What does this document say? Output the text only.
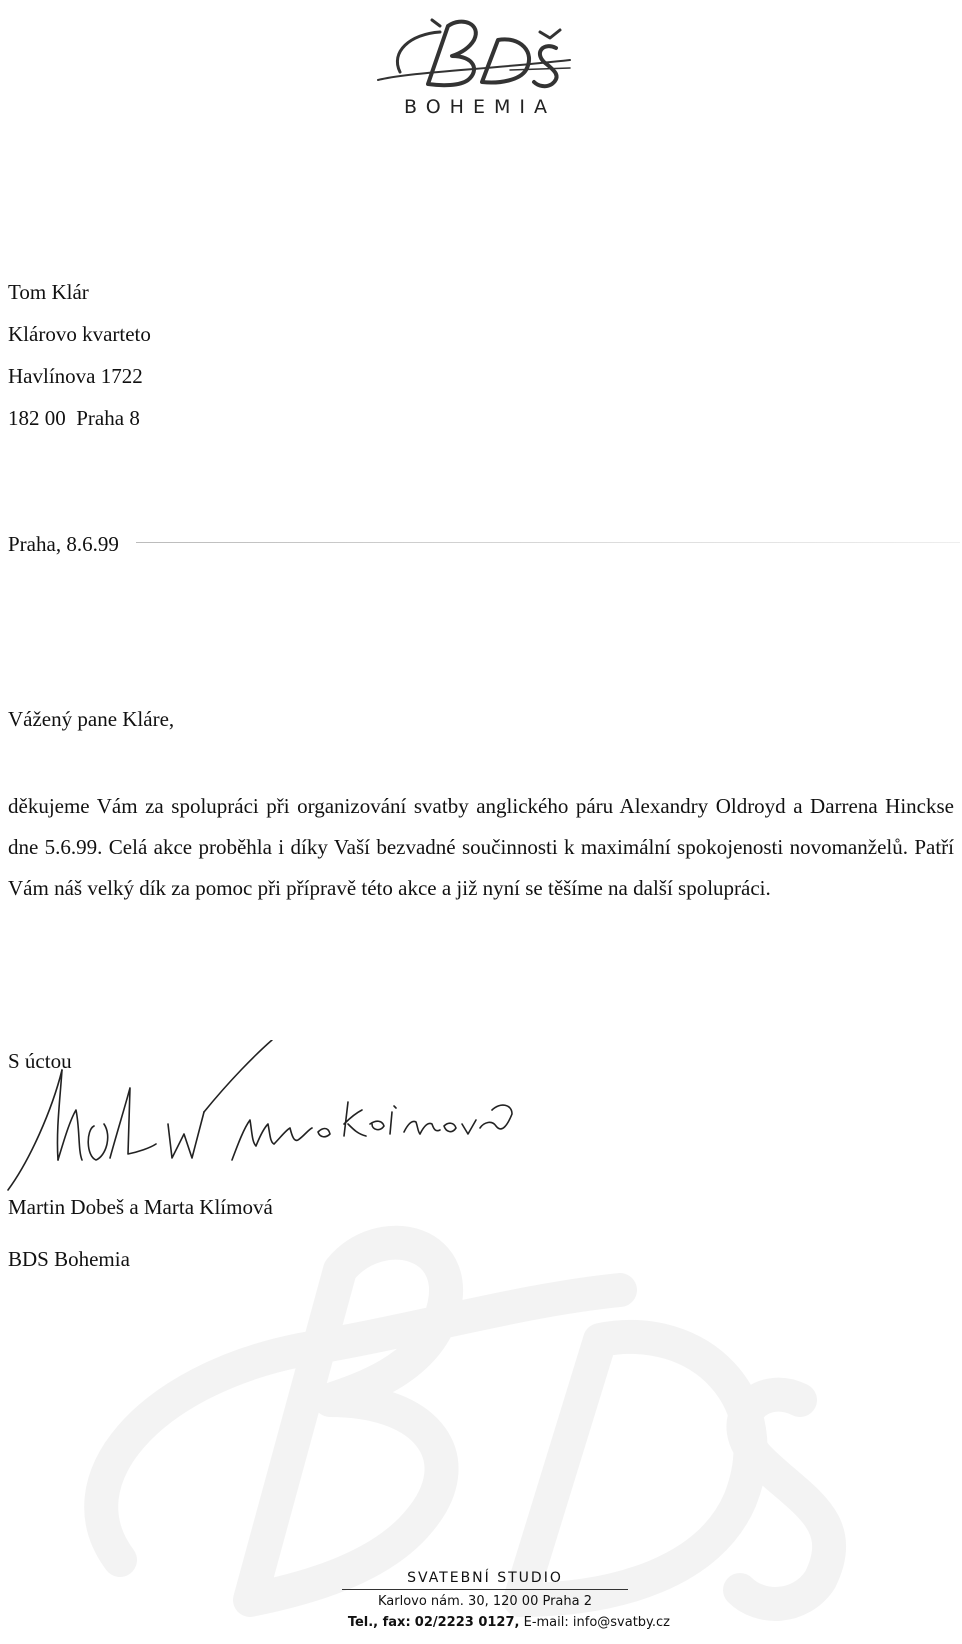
BDS
BOHEMIA
Tom Klár
Klárovo kvarteto
Havlínova 1722
182 00  Praha 8
Praha, 8.6.99
Vážený pane Kláre,
děkujeme Vám za spolupráci při organizování svatby anglického páru Alexandry Oldroyd a Darrena Hinckse dne 5.6.99. Celá akce proběhla i díky Vaší bezvadné součinnosti k maximální spokojenosti novomanželů. Patří Vám náš velký dík za pomoc při přípravě této akce a již nyní se těšíme na další spolupráci.
S úctou
Martin Dobeš a Marta Klímová
BDS Bohemia
SVATEBNÍ STUDIO
Karlovo nám. 30, 120 00 Praha 2
Tel., fax: 02/2223 0127, E-mail: info@svatby.cz
